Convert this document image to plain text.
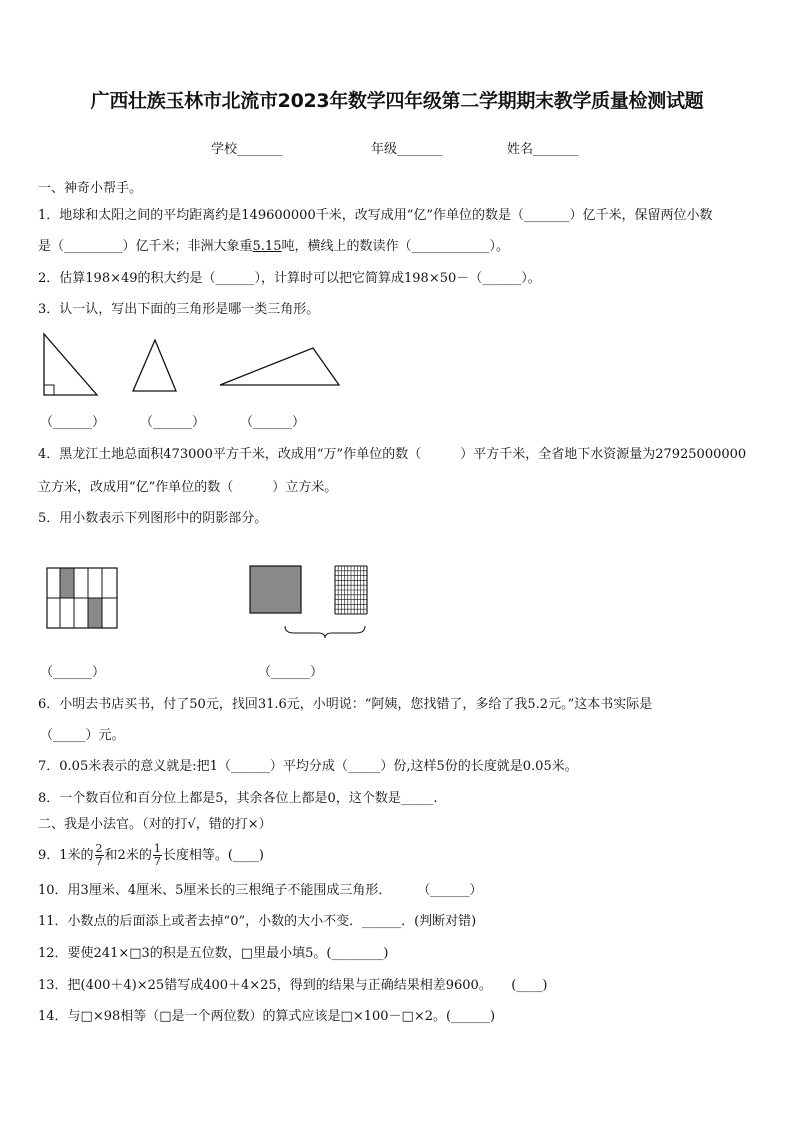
广西壮族玉林市北流市2023年数学四年级第二学期期末教学质量检测试题
学校_______	年级_______	姓名_______
一、神奇小帮手。
1．地球和太阳之间的平均距离约是149600000千米，改写成用“亿”作单位的数是（_______）亿千米，保留两位小数
是（_________）亿千米；非洲大象重5.15吨，横线上的数读作（____________）。
2．估算198×49的积大约是（______），计算时可以把它简算成198×50－（______）。
3．认一认，写出下面的三角形是哪一类三角形。
（______）	（______）	（______）
4．黑龙江土地总面积473000平方千米，改成用“万”作单位的数（　　　）平方千米，全省地下水资源量为27925000000
立方米，改成用“亿”作单位的数（　　　）立方米。
5．用小数表示下列图形中的阴影部分。
（______）	（______）
6．小明去书店买书，付了50元，找回31.6元，小明说：“阿姨，您找错了，多给了我5.2元。”这本书实际是
（_____）元。
7．0.05米表示的意义就是:把1（______）平均分成（_____）份,这样5份的长度就是0.05米。
8．一个数百位和百分位上都是5，其余各位上都是0，这个数是_____.
二、我是小法官。（对的打√，错的打×）
9．1米的 $\frac{2}{7}$ 和2米的 $\frac{1}{7}$ 长度相等。(____)
10．用3厘米、4厘米、5厘米长的三根绳子不能围成三角形．　　　（______）
11．小数点的后面添上或者去掉“0”，小数的大小不变．______．(判断对错)
12．要使241×□3的积是五位数，□里最小填5。(________)
13．把(400＋4)×25错写成400＋4×25，得到的结果与正确结果相差9600。　　(____)
14．与□×98相等（□是一个两位数）的算式应该是□×100－□×2。(______)
